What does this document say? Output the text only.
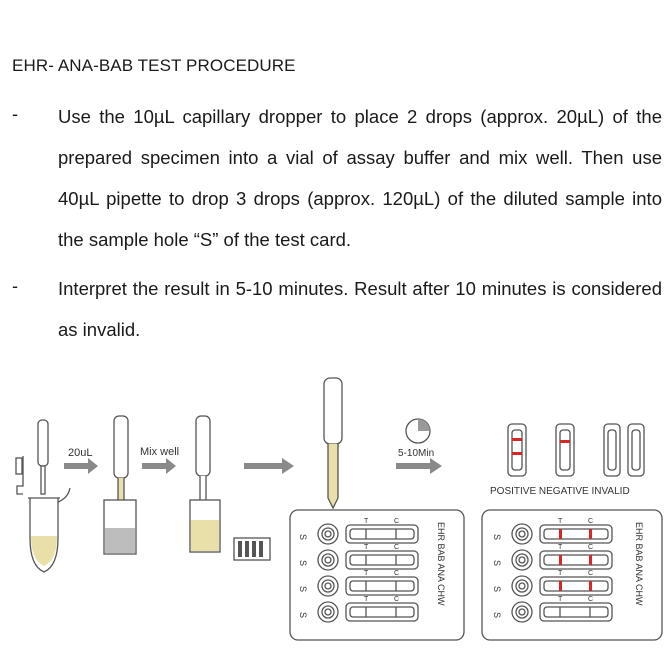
EHR- ANA-BAB TEST PROCEDURE
- Use the 10µL capillary dropper to place 2 drops (approx. 20µL) of the prepared specimen into a vial of assay buffer and mix well. Then use 40µL pipette to drop 3 drops (approx. 120µL) of the diluted sample into the sample hole “S” of the test card.
- Interpret the result in 5-10 minutes. Result after 10 minutes is considered as invalid.
20uL	Mix well
S
T	C
S
T	C
S
T	C
S
T	C	EHR BAB ANA CHW
5-10Min
POSITIVE NEGATIVE INVALID
S
T	C
S
T	C
S
T	C
S
T	C	EHR BAB ANA CHW
